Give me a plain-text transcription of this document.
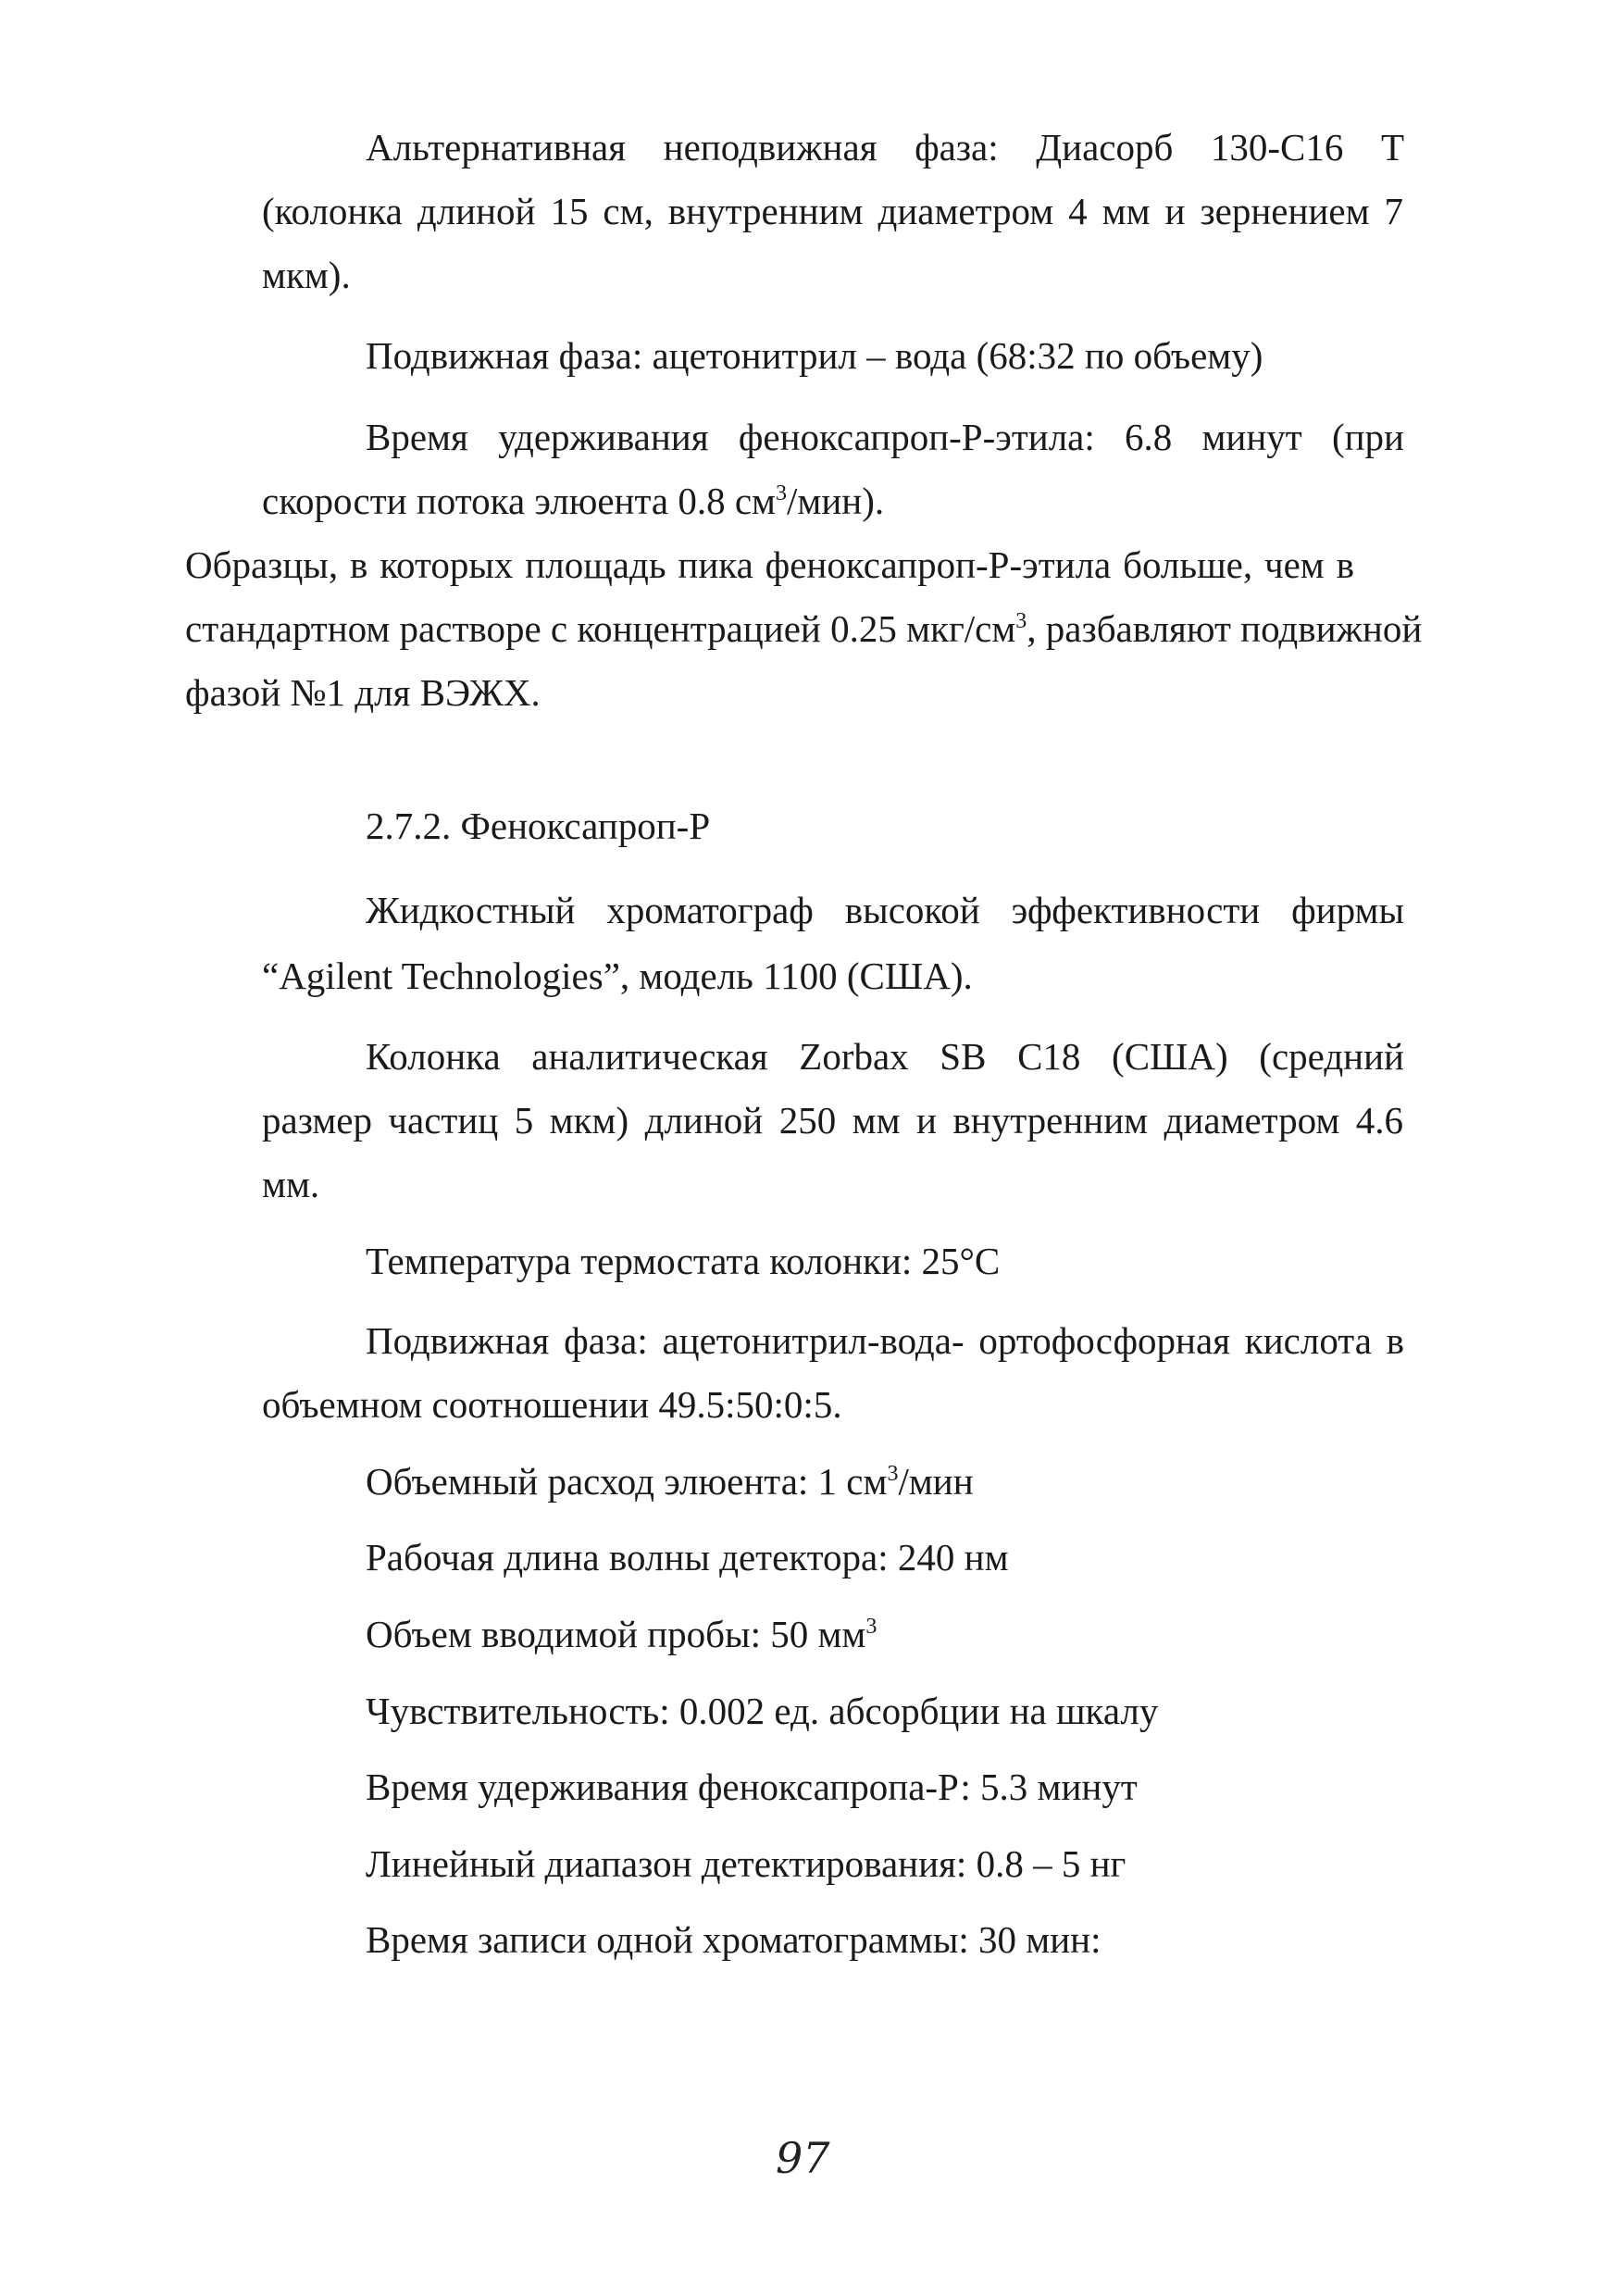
Альтернативная неподвижная фаза: Диасорб 130-С16 Т
(колонка длиной 15 см, внутренним диаметром 4 мм и зернением 7
мкм).
Подвижная фаза: ацетонитрил – вода (68:32 по объему)
Время удерживания феноксапроп-Р-этила: 6.8 минут (при
скорости потока элюента 0.8 $см^3/мин$).
Образцы, в которых площадь пика феноксапроп-Р-этила больше, чем в
стандартном растворе с концентрацией 0.25 мкг/$см^3$, разбавляют подвижной
фазой №1 для ВЭЖХ.
2.7.2. Феноксапроп-Р
Жидкостный хроматограф высокой эффективности фирмы
“Agilent Technologies”, модель 1100 (США).
Колонка аналитическая Zorbax SB C18 (США) (средний
размер частиц 5 мкм) длиной 250 мм и внутренним диаметром 4.6
мм.
Температура термостата колонки: 25°С
Подвижная фаза: ацетонитрил-вода- ортофосфорная кислота в
объемном соотношении 49.5:50:0:5.
Объемный расход элюента: 1 $см^3$/мин
Рабочая длина волны детектора: 240 нм
Объем вводимой пробы: 50 $мм^3$
Чувствительность: 0.002 ед. абсорбции на шкалу
Время удерживания феноксапропа-Р: 5.3 минут
Линейный диапазон детектирования: 0.8 – 5 нг
Время записи одной хроматограммы: 30 мин:
97
